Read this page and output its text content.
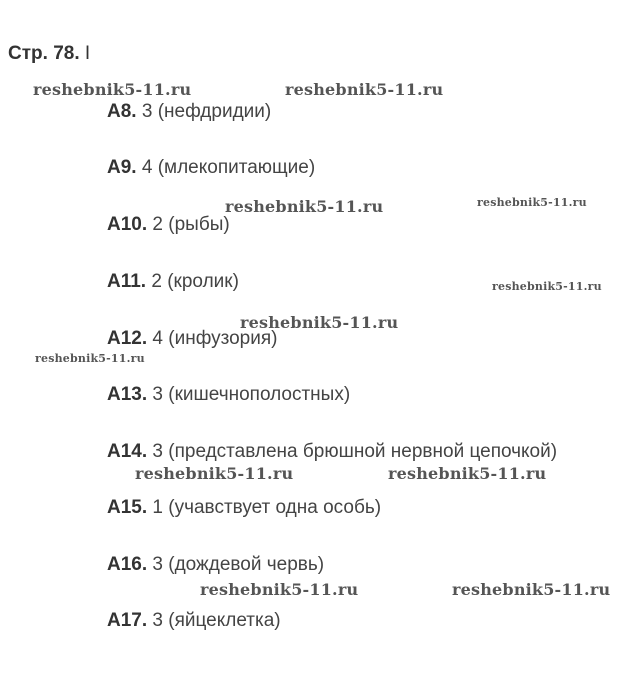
Стр. 78. I
reshebnik5-11.ru	reshebnik5-11.ru
reshebnik5-11.ru	reshebnik5-11.ru
reshebnik5-11.ru
reshebnik5-11.ru
reshebnik5-11.ru
reshebnik5-11.ru	reshebnik5-11.ru
reshebnik5-11.ru	reshebnik5-11.ru
A8. 3 (нефдридии)
A9. 4 (млекопитающие)
A10. 2 (рыбы)
A11. 2 (кролик)
A12. 4 (инфузория)
A13. 3 (кишечнополостных)
A14. 3 (представлена брюшной нервной цепочкой)
A15. 1 (учавствует одна особь)
A16. 3 (дождевой червь)
A17. 3 (яйцеклетка)
